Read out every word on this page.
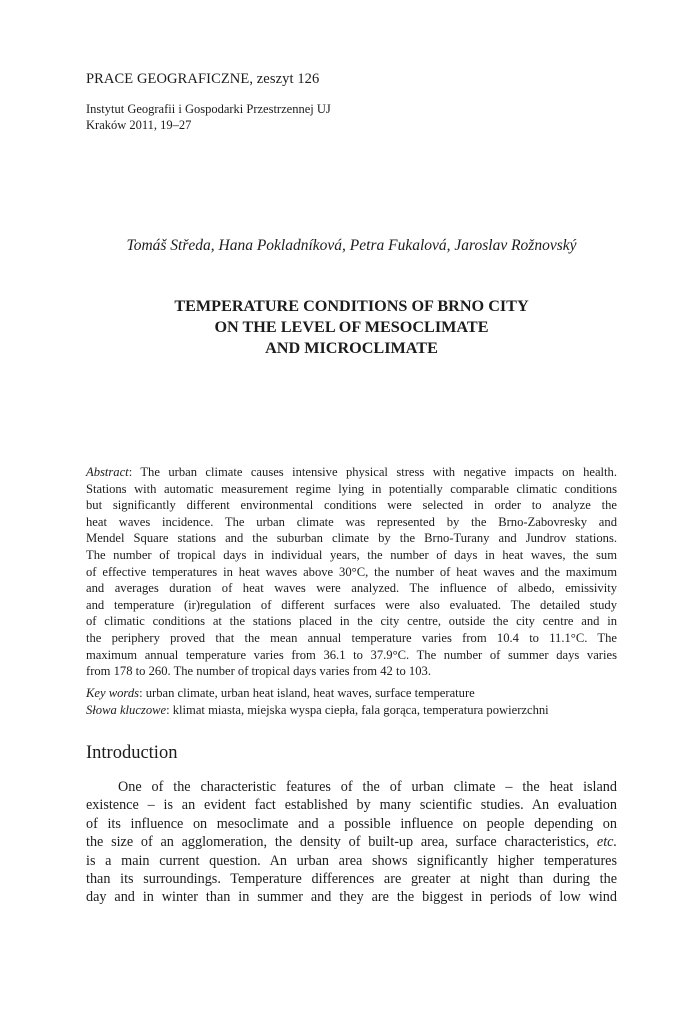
PRACE GEOGRAFICZNE, zeszyt 126
Instytut Geografii i Gospodarki Przestrzennej UJ
Kraków 2011, 19–27
Tomáš Středa, Hana Pokladníková, Petra Fukalová, Jaroslav Rožnovský
TEMPERATURE CONDITIONS OF BRNO CITY
ON THE LEVEL OF MESOCLIMATE
AND MICROCLIMATE
Abstract: The urban climate causes intensive physical stress with negative impacts on health.
Stations with automatic measurement regime lying in potentially comparable climatic conditions
but significantly different environmental conditions were selected in order to analyze the
heat waves incidence. The urban climate was represented by the Brno-Zabovresky and
Mendel Square stations and the suburban climate by the Brno-Turany and Jundrov stations.
The number of tropical days in individual years, the number of days in heat waves, the sum
of effective temperatures in heat waves above 30°C, the number of heat waves and the maximum
and averages duration of heat waves were analyzed. The influence of albedo, emissivity
and temperature (ir)regulation of different surfaces were also evaluated. The detailed study
of climatic conditions at the stations placed in the city centre, outside the city centre and in
the periphery proved that the mean annual temperature varies from 10.4 to 11.1°C. The
maximum annual temperature varies from 36.1 to 37.9°C. The number of summer days varies
from 178 to 260. The number of tropical days varies from 42 to 103.
Key words: urban climate, urban heat island, heat waves, surface temperature
Słowa kluczowe: klimat miasta, miejska wyspa ciepła, fala gorąca, temperatura powierzchni
Introduction
One of the characteristic features of the of urban climate – the heat island
existence – is an evident fact established by many scientific studies. An evaluation
of its influence on mesoclimate and a possible influence on people depending on
the size of an agglomeration, the density of built-up area, surface characteristics, etc.
is a main current question. An urban area shows significantly higher temperatures
than its surroundings. Temperature differences are greater at night than during the
day and in winter than in summer and they are the biggest in periods of low wind
